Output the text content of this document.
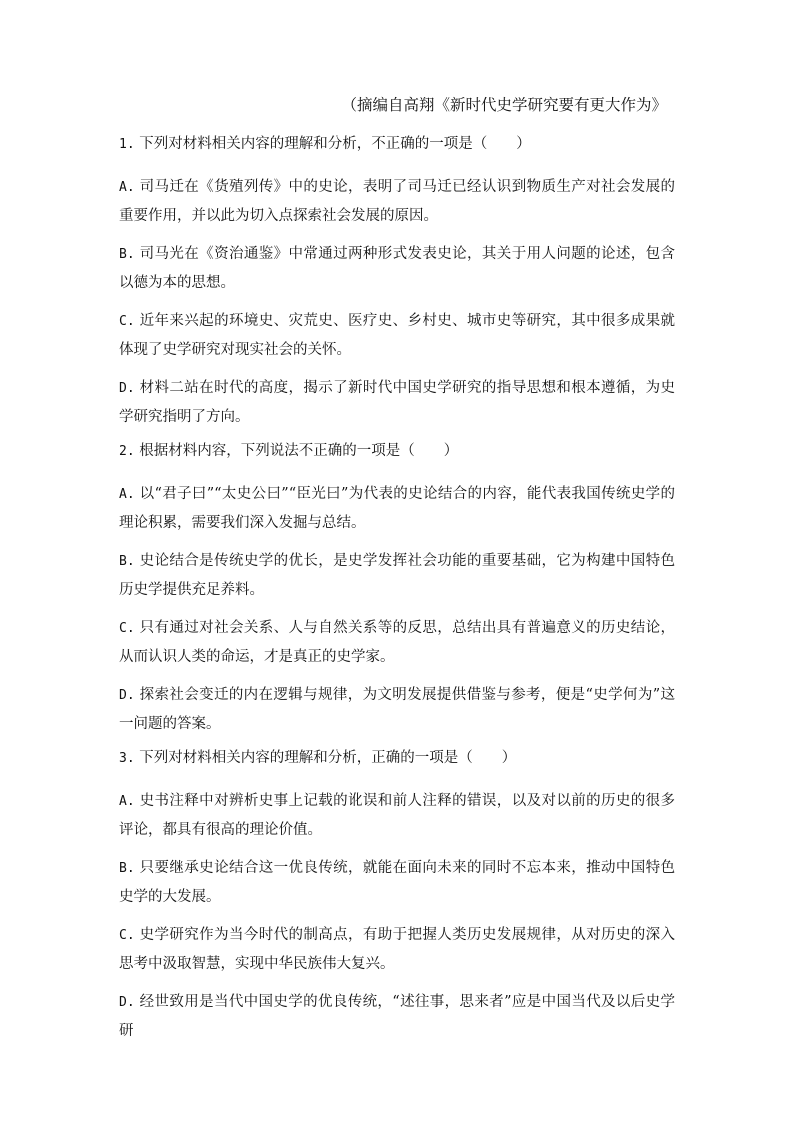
（摘编自高翔《新时代史学研究要有更大作为》

1. 下列对材料相关内容的理解和分析，不正确的一项是（　　）

A. 司马迁在《货殖列传》中的史论，表明了司马迁已经认识到物质生产对社会发展的重要作用，并以此为切入点探索社会发展的原因。

B. 司马光在《资治通鉴》中常通过两种形式发表史论，其关于用人问题的论述，包含以德为本的思想。

C. 近年来兴起的环境史、灾荒史、医疗史、乡村史、城市史等研究，其中很多成果就体现了史学研究对现实社会的关怀。

D. 材料二站在时代的高度，揭示了新时代中国史学研究的指导思想和根本遵循，为史学研究指明了方向。

2. 根据材料内容，下列说法不正确的一项是（　　）

A. 以“君子曰”“太史公曰”“臣光曰”为代表的史论结合的内容，能代表我国传统史学的理论积累，需要我们深入发掘与总结。

B. 史论结合是传统史学的优长，是史学发挥社会功能的重要基础，它为构建中国特色历史学提供充足养料。

C. 只有通过对社会关系、人与自然关系等的反思，总结出具有普遍意义的历史结论，从而认识人类的命运，才是真正的史学家。

D. 探索社会变迁的内在逻辑与规律，为文明发展提供借鉴与参考，便是“史学何为”这一问题的答案。

3. 下列对材料相关内容的理解和分析，正确的一项是（　　）

A. 史书注释中对辨析史事上记载的讹误和前人注释的错误，以及对以前的历史的很多评论，都具有很高的理论价值。

B. 只要继承史论结合这一优良传统，就能在面向未来的同时不忘本来，推动中国特色史学的大发展。

C. 史学研究作为当今时代的制高点，有助于把握人类历史发展规律，从对历史的深入思考中汲取智慧，实现中华民族伟大复兴。

D. 经世致用是当代中国史学的优良传统，“述往事，思来者”应是中国当代及以后史学研
